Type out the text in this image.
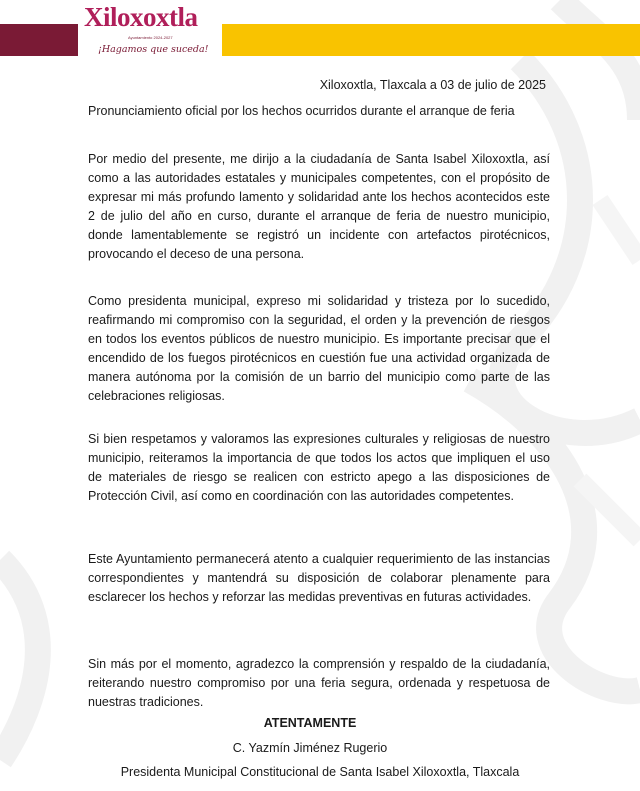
Xiloxoxtla
Ayuntamiento 2024-2027
¡Hagamos que suceda!
Xiloxoxtla, Tlaxcala a 03 de julio de 2025
Pronunciamiento oficial por los hechos ocurridos durante el arranque de feria

Por medio del presente, me dirijo a la ciudadanía de Santa Isabel Xiloxoxtla, así como a las autoridades estatales y municipales competentes, con el propósito de expresar mi más profundo lamento y solidaridad ante los hechos acontecidos este 2 de julio del año en curso, durante el arranque de feria de nuestro municipio, donde lamentablemente se registró un incidente con artefactos pirotécnicos, provocando el deceso de una persona.

Como presidenta municipal, expreso mi solidaridad y tristeza por lo sucedido, reafirmando mi compromiso con la seguridad, el orden y la prevención de riesgos en todos los eventos públicos de nuestro municipio. Es importante precisar que el encendido de los fuegos pirotécnicos en cuestión fue una actividad organizada de manera autónoma por la comisión de un barrio del municipio como parte de las celebraciones religiosas.

Si bien respetamos y valoramos las expresiones culturales y religiosas de nuestro municipio, reiteramos la importancia de que todos los actos que impliquen el uso de materiales de riesgo se realicen con estricto apego a las disposiciones de Protección Civil, así como en coordinación con las autoridades competentes.

Este Ayuntamiento permanecerá atento a cualquier requerimiento de las instancias correspondientes y mantendrá su disposición de colaborar plenamente para esclarecer los hechos y reforzar las medidas preventivas en futuras actividades.

Sin más por el momento, agradezco la comprensión y respaldo de la ciudadanía, reiterando nuestro compromiso por una feria segura, ordenada y respetuosa de nuestras tradiciones.

ATENTAMENTE
C. Yazmín Jiménez Rugerio
Presidenta Municipal Constitucional de Santa Isabel Xiloxoxtla, Tlaxcala
